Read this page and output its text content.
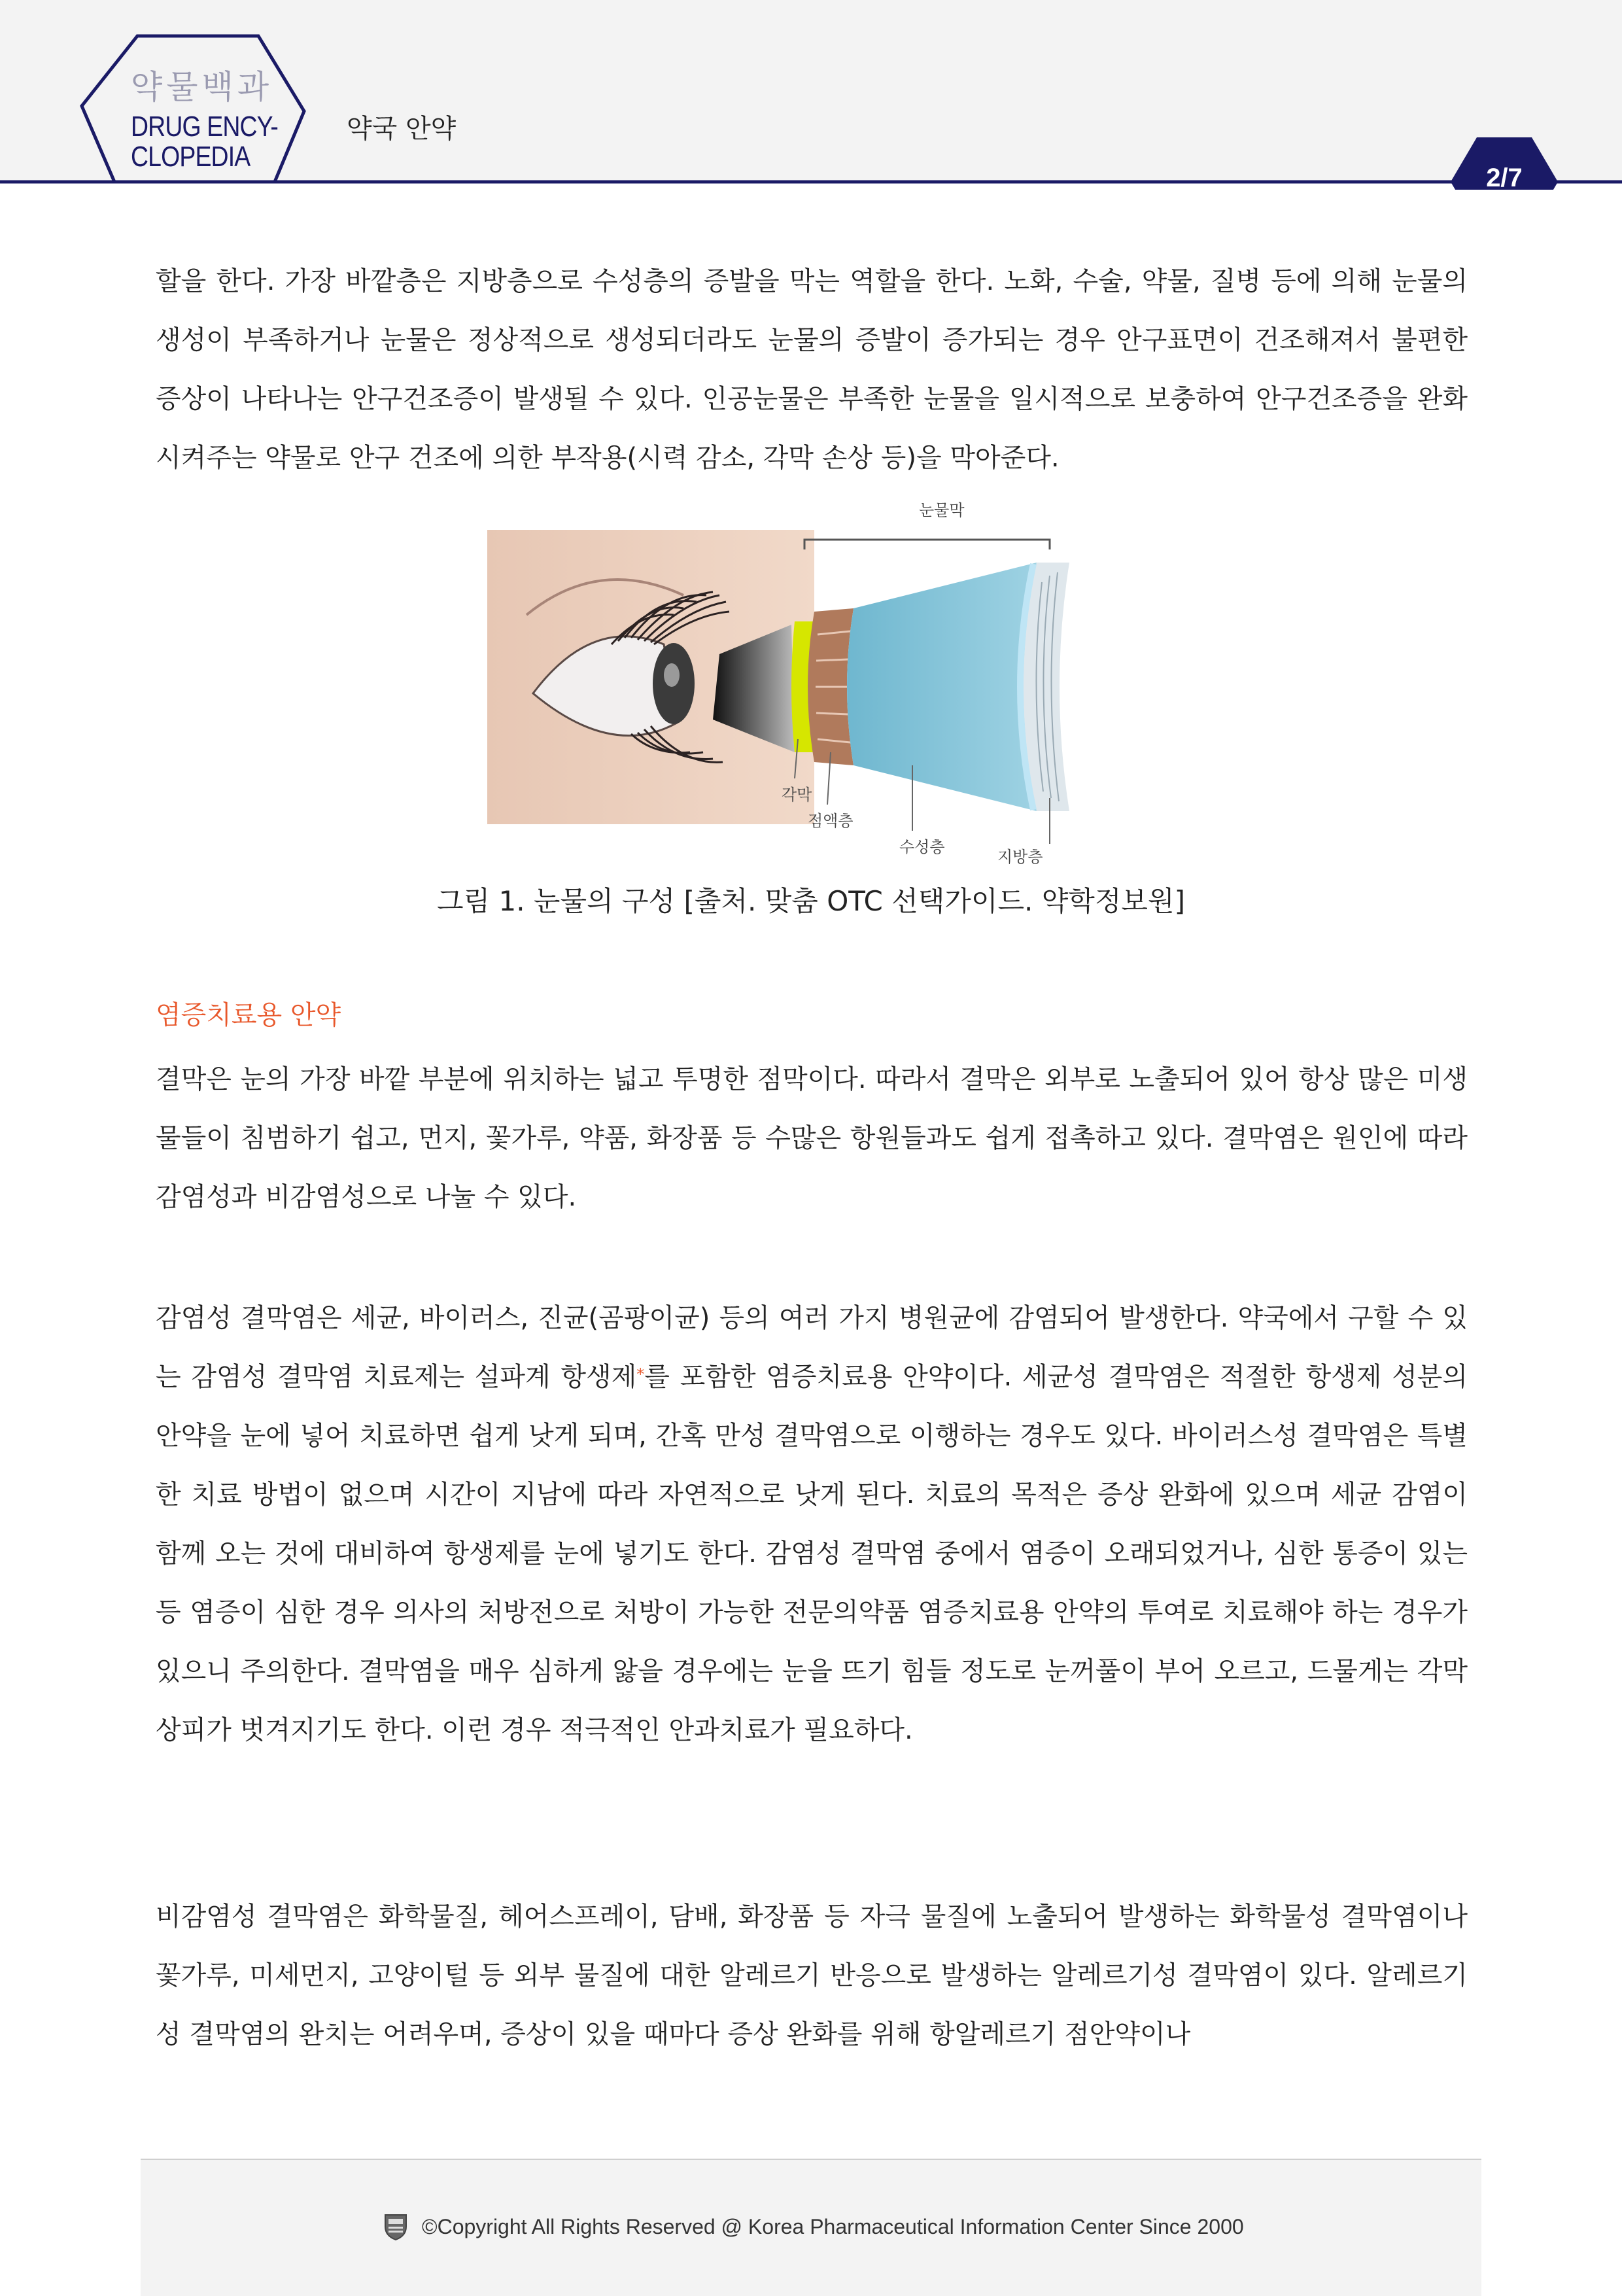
약물백과
DRUG ENCY-
CLOPEDIA
약국 안약
2/7

할을 한다. 가장 바깥층은 지방층으로 수성층의 증발을 막는 역할을 한다. 노화, 수술, 약물, 질병 등에 의해 눈물의 생성이 부족하거나 눈물은 정상적으로 생성되더라도 눈물의 증발이 증가되는 경우 안구표면이 건조해져서 불편한 증상이 나타나는 안구건조증이 발생될 수 있다. 인공눈물은 부족한 눈물을 일시적으로 보충하여 안구건조증을 완화시켜주는 약물로 안구 건조에 의한 부작용(시력 감소, 각막 손상 등)을 막아준다.

눈물막
각막
점액층
수성층
지방층
그림 1. 눈물의 구성 [출처. 맞춤 OTC 선택가이드. 약학정보원]
염증치료용 안약

결막은 눈의 가장 바깥 부분에 위치하는 넓고 투명한 점막이다. 따라서 결막은 외부로 노출되어 있어 항상 많은 미생물들이 침범하기 쉽고, 먼지, 꽃가루, 약품, 화장품 등 수많은 항원들과도 쉽게 접촉하고 있다. 결막염은 원인에 따라 감염성과 비감염성으로 나눌 수 있다.

감염성 결막염은 세균, 바이러스, 진균(곰팡이균) 등의 여러 가지 병원균에 감염되어 발생한다. 약국에서 구할 수 있는 감염성 결막염 치료제는 설파계 항생제*를 포함한 염증치료용 안약이다. 세균성 결막염은 적절한 항생제 성분의 안약을 눈에 넣어 치료하면 쉽게 낫게 되며, 간혹 만성 결막염으로 이행하는 경우도 있다. 바이러스성 결막염은 특별한 치료 방법이 없으며 시간이 지남에 따라 자연적으로 낫게 된다. 치료의 목적은 증상 완화에 있으며 세균 감염이 함께 오는 것에 대비하여 항생제를 눈에 넣기도 한다. 감염성 결막염 중에서 염증이 오래되었거나, 심한 통증이 있는 등 염증이 심한 경우 의사의 처방전으로 처방이 가능한 전문의약품 염증치료용 안약의 투여로 치료해야 하는 경우가 있으니 주의한다. 결막염을 매우 심하게 앓을 경우에는 눈을 뜨기 힘들 정도로 눈꺼풀이 부어 오르고, 드물게는 각막상피가 벗겨지기도 한다. 이런 경우 적극적인 안과치료가 필요하다.

비감염성 결막염은 화학물질, 헤어스프레이, 담배, 화장품 등 자극 물질에 노출되어 발생하는 화학물성 결막염이나 꽃가루, 미세먼지, 고양이털 등 외부 물질에 대한 알레르기 반응으로 발생하는 알레르기성 결막염이 있다. 알레르기성 결막염의 완치는 어려우며, 증상이 있을 때마다 증상 완화를 위해 항알레르기 점안약이나

©Copyright All Rights Reserved @ Korea Pharmaceutical Information Center Since 2000
